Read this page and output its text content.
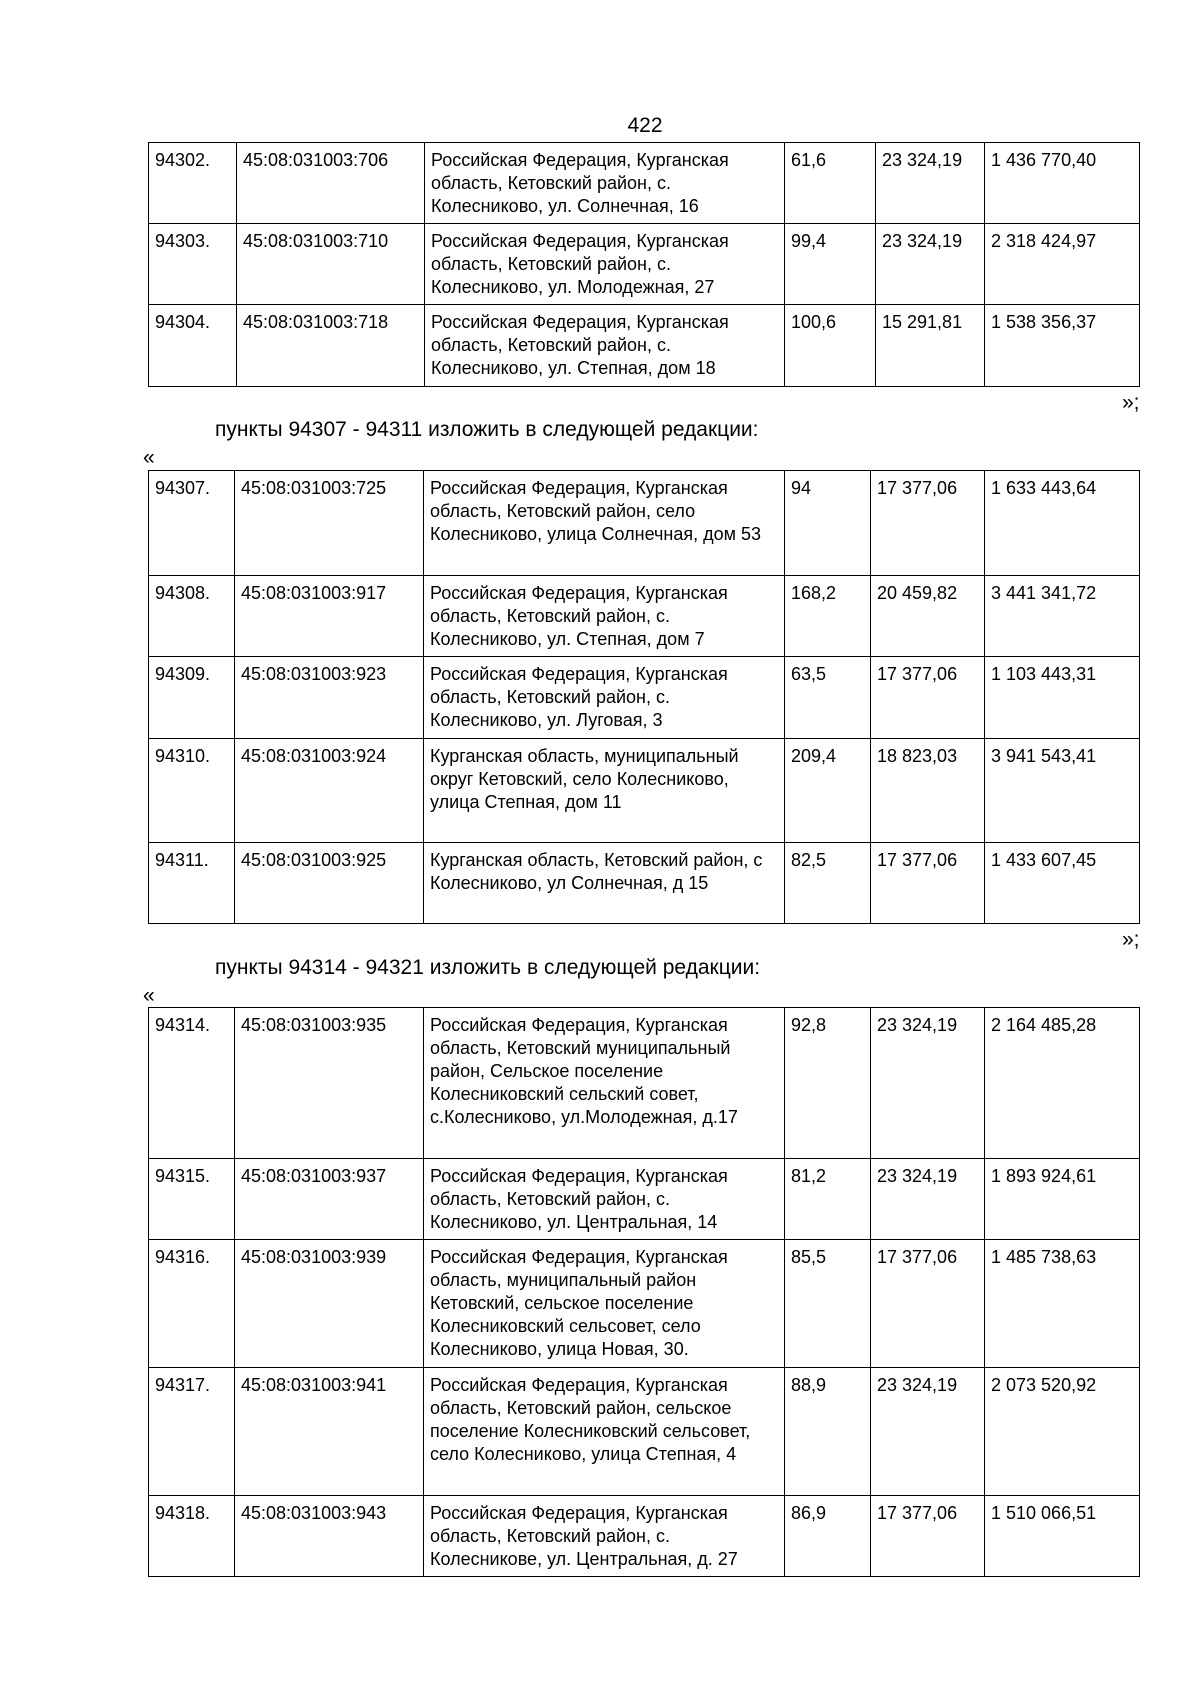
422
94302.	45:08:031003:706	Российская Федерация, Курганская область, Кетовский район, с. Колесниково, ул. Солнечная, 16	61,6	23 324,19	1 436 770,40
94303.	45:08:031003:710	Российская Федерация, Курганская область, Кетовский район, с. Колесниково, ул. Молодежная, 27	99,4	23 324,19	2 318 424,97
94304.	45:08:031003:718	Российская Федерация, Курганская область, Кетовский район, с. Колесниково, ул. Степная, дом 18	100,6	15 291,81	1 538 356,37
»;
пункты 94307 - 94311 изложить в следующей редакции:
«
94307.	45:08:031003:725	Российская Федерация, Курганская область, Кетовский район, село Колесниково, улица Солнечная, дом 53	94	17 377,06	1 633 443,64
94308.	45:08:031003:917	Российская Федерация, Курганская область, Кетовский район, с. Колесниково, ул. Степная, дом 7	168,2	20 459,82	3 441 341,72
94309.	45:08:031003:923	Российская Федерация, Курганская область, Кетовский район, с. Колесниково, ул. Луговая, 3	63,5	17 377,06	1 103 443,31
94310.	45:08:031003:924	Курганская область, муниципальный округ Кетовский, село Колесниково, улица Степная, дом 11	209,4	18 823,03	3 941 543,41
94311.	45:08:031003:925	Курганская область, Кетовский район, с Колесниково, ул Солнечная, д 15	82,5	17 377,06	1 433 607,45
»;
пункты 94314 - 94321 изложить в следующей редакции:
«
94314.	45:08:031003:935	Российская Федерация, Курганская область, Кетовский муниципальный район, Сельское поселение Колесниковский сельский совет, с.Колесниково, ул.Молодежная, д.17	92,8	23 324,19	2 164 485,28
94315.	45:08:031003:937	Российская Федерация, Курганская область, Кетовский район, с. Колесниково, ул. Центральная, 14	81,2	23 324,19	1 893 924,61
94316.	45:08:031003:939	Российская Федерация, Курганская область, муниципальный район Кетовский, сельское поселение Колесниковский сельсовет, село Колесниково, улица Новая, 30.	85,5	17 377,06	1 485 738,63
94317.	45:08:031003:941	Российская Федерация, Курганская область, Кетовский район, сельское поселение Колесниковский сельсовет, село Колесниково, улица Степная, 4	88,9	23 324,19	2 073 520,92
94318.	45:08:031003:943	Российская Федерация, Курганская область, Кетовский район, с. Колесникове, ул. Центральная, д. 27	86,9	17 377,06	1 510 066,51
